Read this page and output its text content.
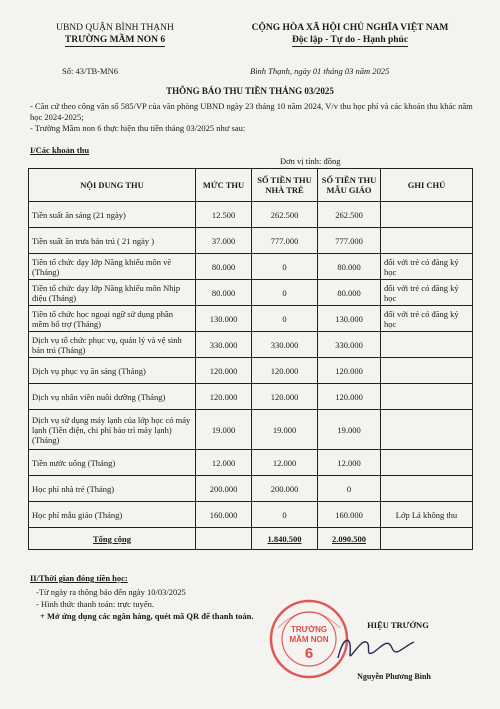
UBND QUẬN BÌNH THẠNH
TRƯỜNG MẦM NON 6
CỘNG HÒA XÃ HỘI CHỦ NGHĨA VIỆT NAM
Độc lập - Tự do - Hạnh phúc
Số: 43/TB-MN6	Bình Thạnh, ngày 01 tháng 03 năm 2025
THÔNG BÁO THU TIỀN THÁNG 03/2025
- Căn cứ theo công văn số 585/VP của văn phòng UBND ngày 23 tháng 10 năm 2024, V/v thu học phí và các khoản thu khác năm học 2024-2025;
- Trường Mầm non 6 thực hiện thu tiền tháng 03/2025 như sau:
I/Các khoản thu
Đơn vị tính: đồng
NỘI DUNG THU	MỨC THU	SỐ TIỀN THU NHÀ TRẺ	SỐ TIỀN THU MẪU GIÁO	GHI CHÚ
Tiền suất ăn sáng (21 ngày)	12.500	262.500	262.500	
Tiền suất ăn trưa bán trú ( 21 ngày )	37.000	777.000	777.000	
Tiền tổ chức dạy lớp Năng khiếu môn vẽ (Tháng)	80.000	0	80.000	đối với trẻ có đăng ký học
Tiền tổ chức dạy lớp Năng khiếu môn Nhịp điệu (Tháng)	80.000	0	80.000	đối với trẻ có đăng ký học
Tiền tổ chức học ngoại ngữ sử dụng phần mềm bổ trợ (Tháng)	130.000	0	130.000	đối với trẻ có đăng ký học
Dịch vụ tổ chức phục vụ, quản lý và vệ sinh bán trú (Tháng)	330.000	330.000	330.000	
Dịch vụ phục vụ ăn sáng (Tháng)	120.000	120.000	120.000	
Dịch vụ nhân viên nuôi dưỡng (Tháng)	120.000	120.000	120.000	
Dịch vụ sử dụng máy lạnh của lớp học có máy lạnh (Tiền điện, chi phí bảo trì máy lạnh) (Tháng)	19.000	19.000	19.000	
Tiền nước uống (Tháng)	12.000	12.000	12.000	
Học phí nhà trẻ (Tháng)	200.000	200.000	0	
Học phí mẫu giáo (Tháng)	160.000	0	160.000	Lớp Lá không thu
Tổng cộng		1.840.500	2.090.500	
II/Thời gian đóng tiền học:
-Từ ngày ra thông báo đến ngày 10/03/2025
- Hình thức thanh toán: trực tuyến.
+ Mở ứng dụng các ngân hàng, quét mã QR để thanh toán.
TRƯỜNG
MẦM NON
6
HIỆU TRƯỞNG
Nguyễn Phương Bình
